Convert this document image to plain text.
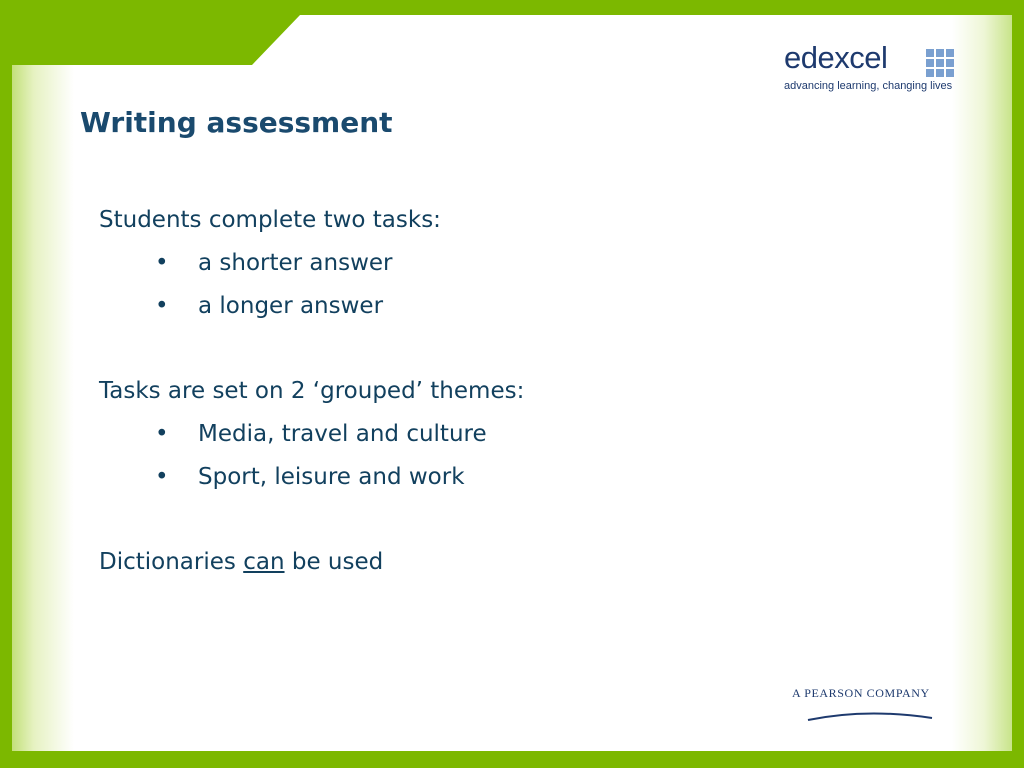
edexcel
advancing learning, changing lives
Writing assessment
Students complete two tasks:
• a shorter answer
• a longer answer
Tasks are set on 2 ‘grouped’ themes:
• Media, travel and culture
• Sport, leisure and work
Dictionaries can be used
A PEARSON COMPANY
